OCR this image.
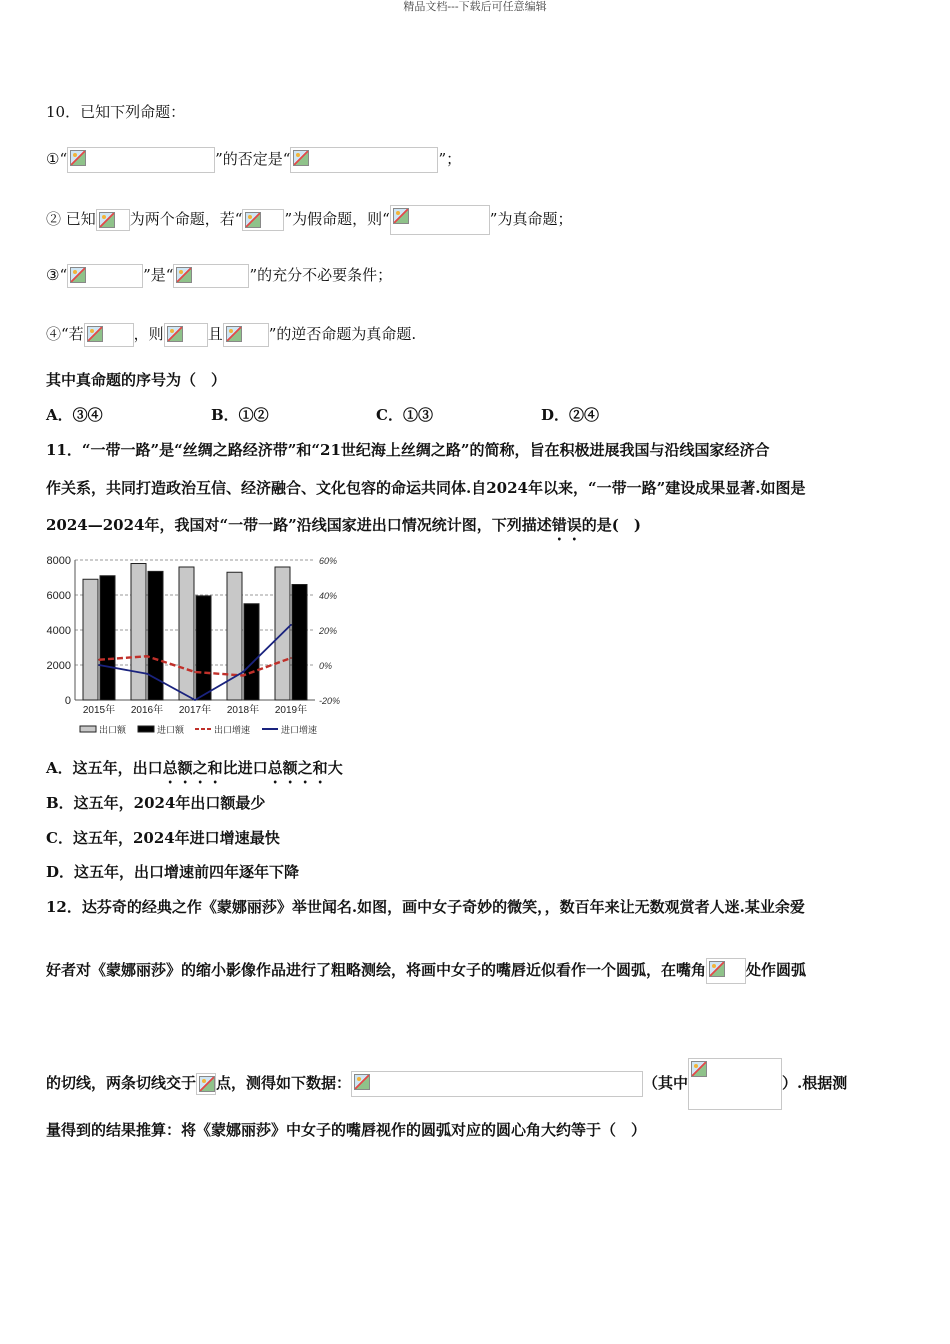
精品文档---下载后可任意编辑
10．已知下列命题：
①“	”的否定是“	”；
② 已知 为两个命题，若“	”为假命题，则“	”为真命题；
③“	”是“	”的充分不必要条件；
④“若	，则	且	”的逆否命题为真命题.
其中真命题的序号为（　）
A．③④	B．①②	C．①③	D．②④
11．“一带一路”是“丝绸之路经济带”和“21世纪海上丝绸之路”的简称，旨在积极进展我国与沿线国家经济合
作关系，共同打造政治互信、经济融合、文化包容的命运共同体.自2024年以来，“一带一路”建设成果显著.如图是
2024—2024年，我国对“一带一路”沿线国家进出口情况统计图，下列描述错误的是(　)
0
2000
4000
6000
8000
-20%
0%
20%
40%
60%
2015年 2016年 2017年 2018年 2019年
出口额	进口额	出口增速	进口增速
A．这五年，出口总额之和比进口总额之和大
B．这五年，2024年出口额最少
C．这五年，2024年进口增速最快
D．这五年，出口增速前四年逐年下降
12．达芬奇的经典之作《蒙娜丽莎》举世闻名.如图，画中女子奇妙的微笑，，数百年来让无数观赏者人迷.某业余爱
好者对《蒙娜丽莎》的缩小影像作品进行了粗略测绘，将画中女子的嘴唇近似看作一个圆弧，在嘴角	处作圆弧
的切线，两条切线交于 点，测得如下数据：	（其中	）.根据测
量得到的结果推算：将《蒙娜丽莎》中女子的嘴唇视作的圆弧对应的圆心角大约等于（　）
